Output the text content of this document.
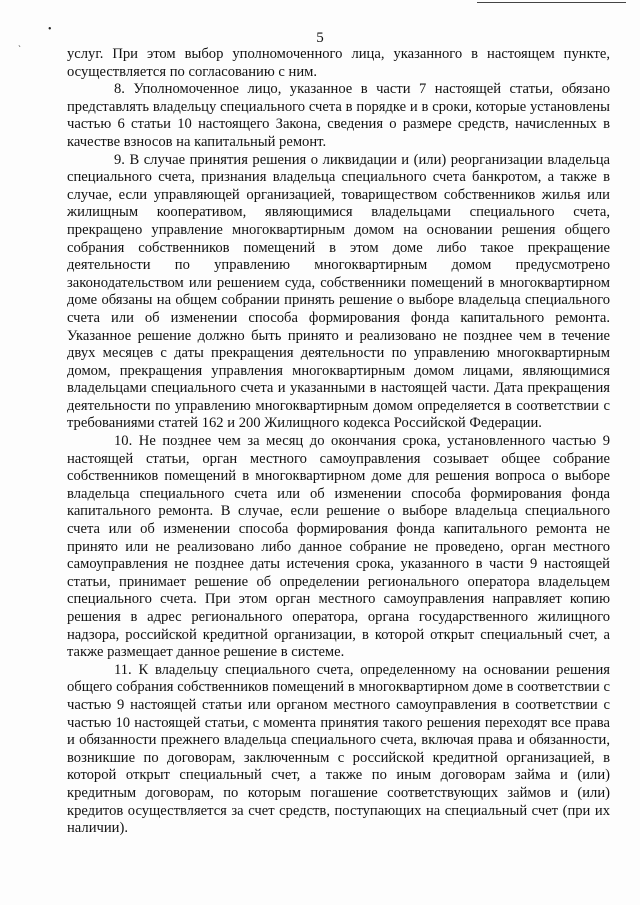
•
`
5

услуг. При этом выбор уполномоченного лица, указанного в настоящем пункте, осуществляется по согласованию с ним.

8. Уполномоченное лицо, указанное в части 7 настоящей статьи, обязано представлять владельцу специального счета в порядке и в сроки, которые установлены частью 6 статьи 10 настоящего Закона, сведения о размере средств, начисленных в качестве взносов на капитальный ремонт.

9. В случае принятия решения о ликвидации и (или) реорганизации владельца специального счета, признания владельца специального счета банкротом, а также в случае, если управляющей организацией, товариществом собственников жилья или жилищным кооперативом, являющимися владельцами специального счета, прекращено управление многоквартирным домом на основании решения общего собрания собственников помещений в этом доме либо такое прекращение деятельности по управлению многоквартирным домом предусмотрено законодательством или решением суда, собственники помещений в многоквартирном доме обязаны на общем собрании принять решение о выборе владельца специального счета или об изменении способа формирования фонда капитального ремонта. Указанное решение должно быть принято и реализовано не позднее чем в течение двух месяцев с даты прекращения деятельности по управлению многоквартирным домом, прекращения управления многоквартирным домом лицами, являющимися владельцами специального счета и указанными в настоящей части. Дата прекращения деятельности по управлению многоквартирным домом определяется в соответствии с требованиями статей 162 и 200 Жилищного кодекса Российской Федерации.

10. Не позднее чем за месяц до окончания срока, установленного частью 9 настоящей статьи, орган местного самоуправления созывает общее собрание собственников помещений в многоквартирном доме для решения вопроса о выборе владельца специального счета или об изменении способа формирования фонда капитального ремонта. В случае, если решение о выборе владельца специального счета или об изменении способа формирования фонда капитального ремонта не принято или не реализовано либо данное собрание не проведено, орган местного самоуправления не позднее даты истечения срока, указанного в части 9 настоящей статьи, принимает решение об определении регионального оператора владельцем специального счета. При этом орган местного самоуправления направляет копию решения в адрес регионального оператора, органа государственного жилищного надзора, российской кредитной организации, в которой открыт специальный счет, а также размещает данное решение в системе.

11. К владельцу специального счета, определенному на основании решения общего собрания собственников помещений в многоквартирном доме в соответствии с частью 9 настоящей статьи или органом местного самоуправления в соответствии с частью 10 настоящей статьи, с момента принятия такого решения переходят все права и обязанности прежнего владельца специального счета, включая права и обязанности, возникшие по договорам, заключенным с российской кредитной организацией, в которой открыт специальный счет, а также по иным договорам займа и (или) кредитным договорам, по которым погашение соответствующих займов и (или) кредитов осуществляется за счет средств, поступающих на специальный счет (при их наличии).
